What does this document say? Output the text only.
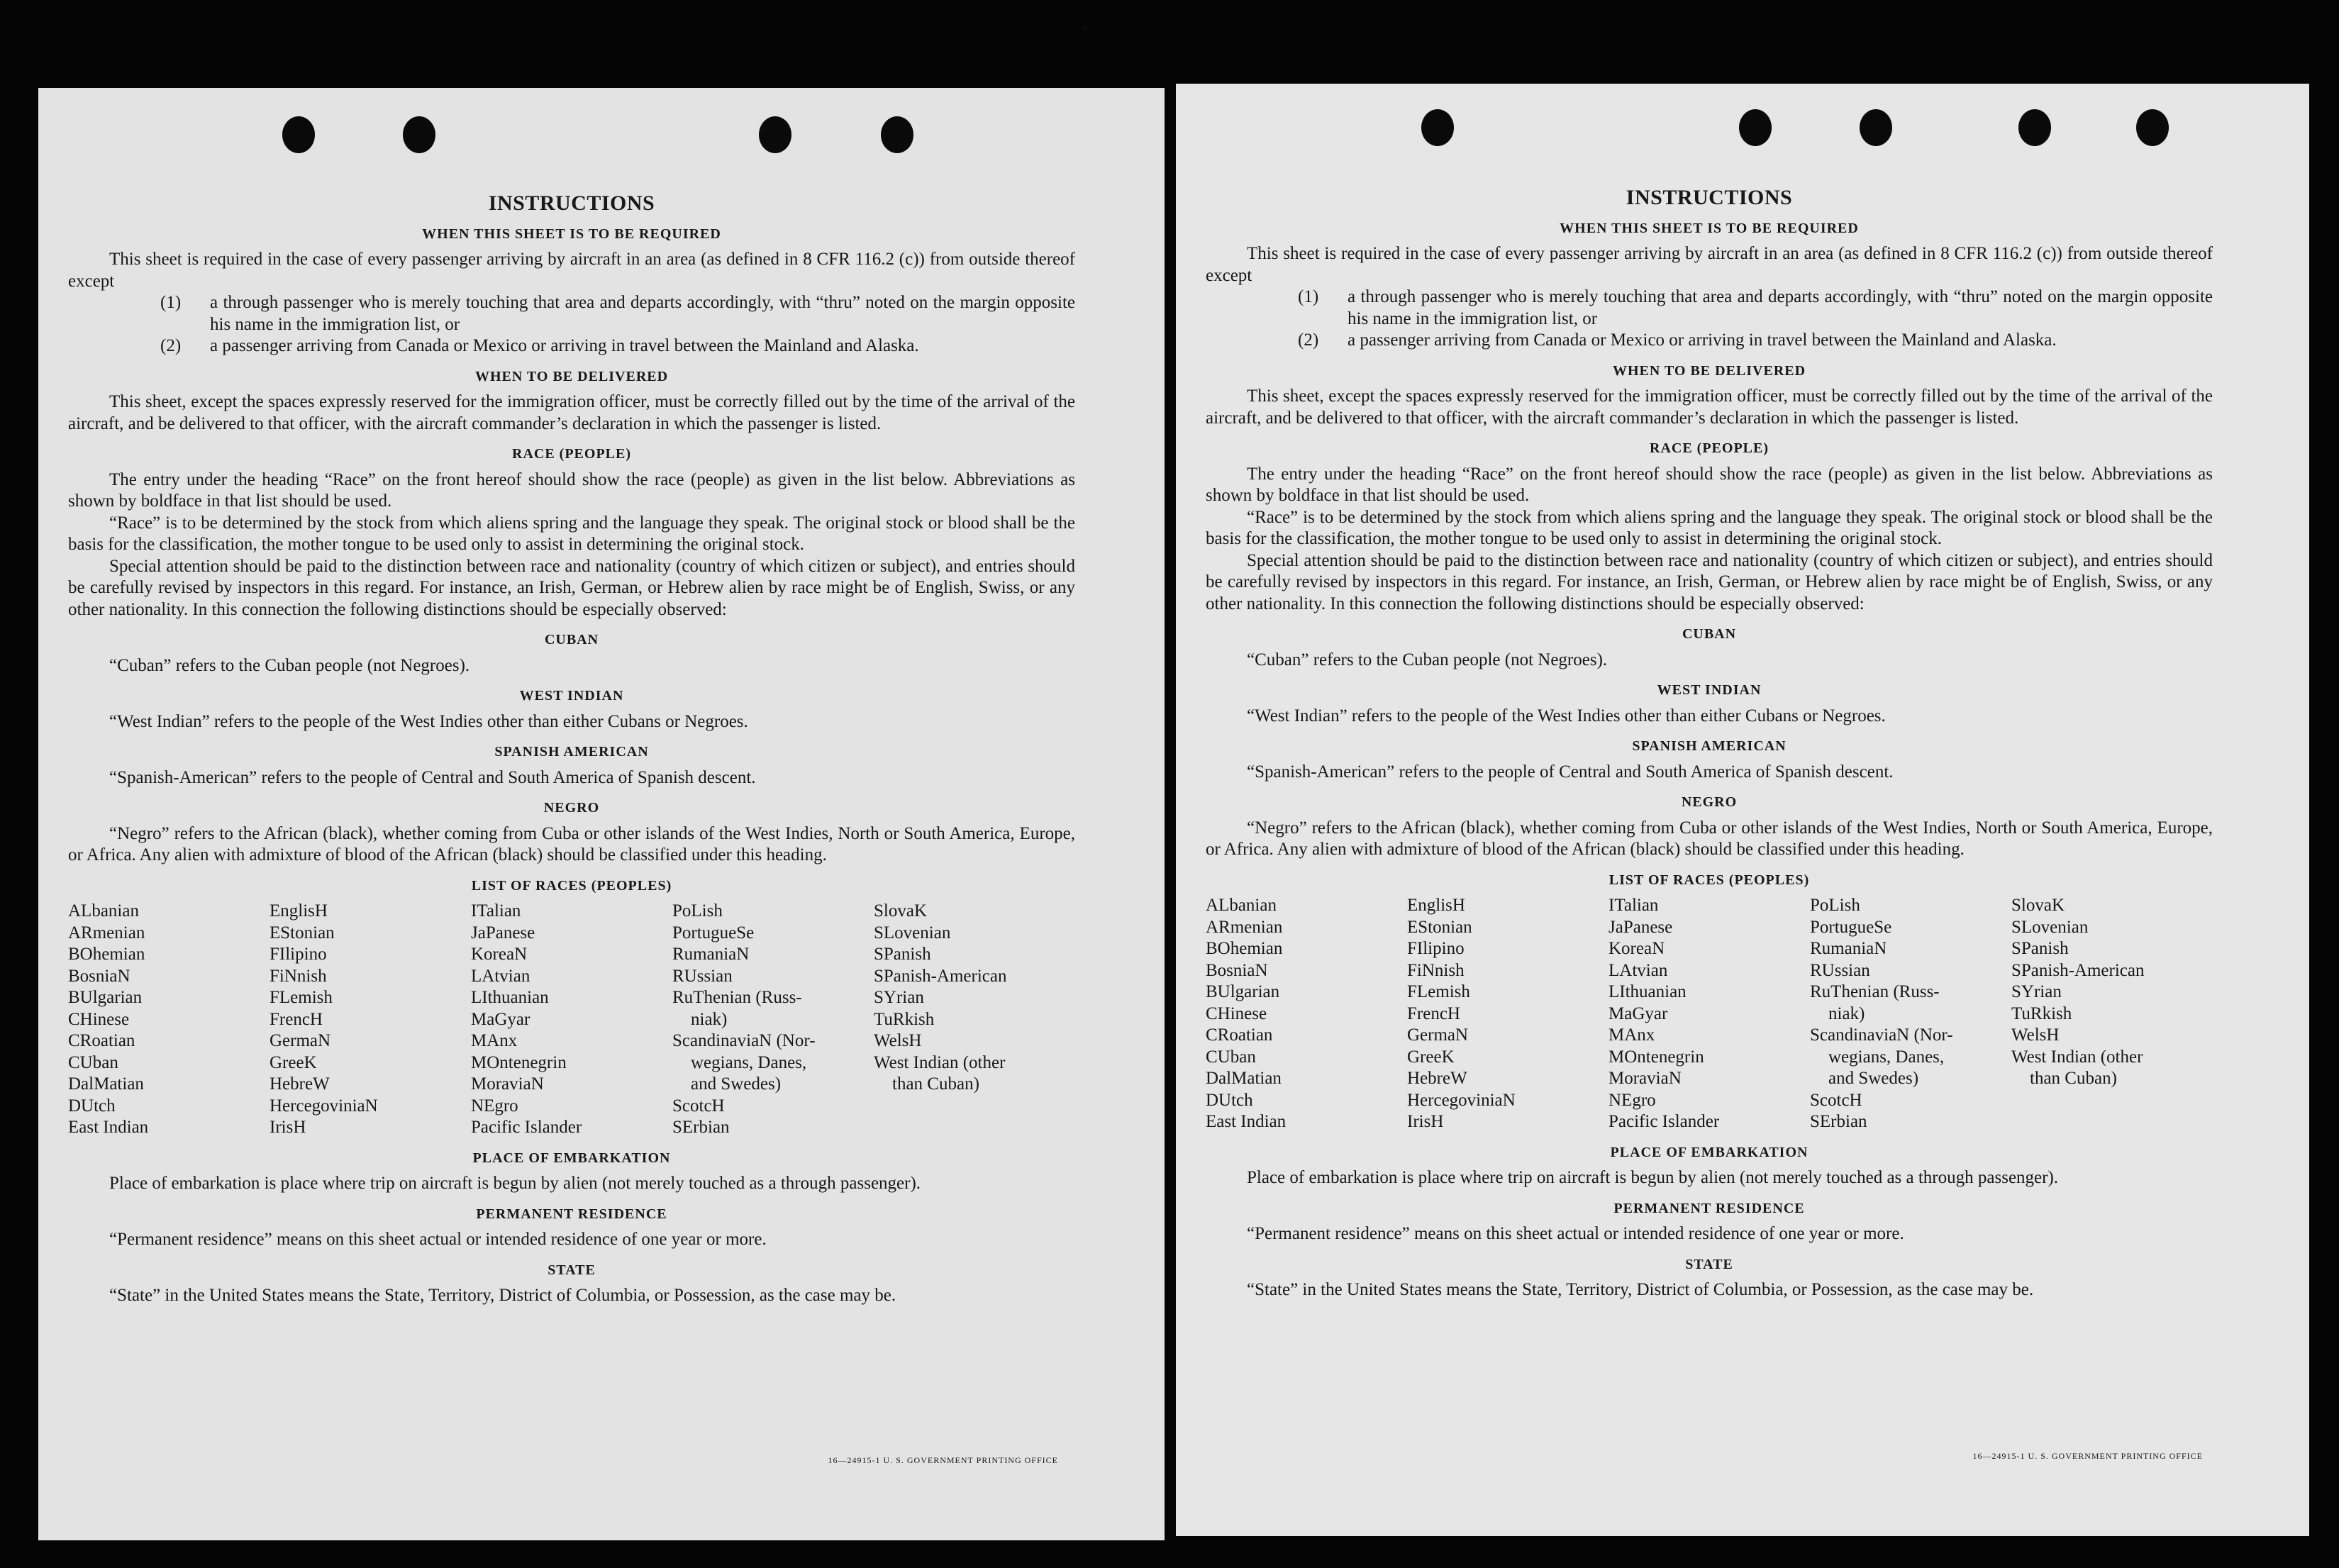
INSTRUCTIONS
WHEN THIS SHEET IS TO BE REQUIRED

This sheet is required in the case of every passenger arriving by aircraft in an area (as defined in 8 CFR 116.2 (c)) from outside thereof except

(1) a through passenger who is merely touching that area and departs accordingly, with “thru” noted on the margin opposite his name in the immigration list, or

(2) a passenger arriving from Canada or Mexico or arriving in travel between the Mainland and Alaska.

WHEN TO BE DELIVERED

This sheet, except the spaces expressly reserved for the immigration officer, must be correctly filled out by the time of the arrival of the aircraft, and be delivered to that officer, with the aircraft commander’s declaration in which the passenger is listed.

RACE (PEOPLE)

The entry under the heading “Race” on the front hereof should show the race (people) as given in the list below. Abbreviations as shown by boldface in that list should be used.

“Race” is to be determined by the stock from which aliens spring and the language they speak. The original stock or blood shall be the basis for the classification, the mother tongue to be used only to assist in determining the original stock.

Special attention should be paid to the distinction between race and nationality (country of which citizen or subject), and entries should be carefully revised by inspectors in this regard. For instance, an Irish, German, or Hebrew alien by race might be of English, Swiss, or any other nationality. In this connection the following distinctions should be especially observed:

CUBAN

“Cuban” refers to the Cuban people (not Negroes).

WEST INDIAN

“West Indian” refers to the people of the West Indies other than either Cubans or Negroes.

SPANISH AMERICAN

“Spanish-American” refers to the people of Central and South America of Spanish descent.

NEGRO

“Negro” refers to the African (black), whether coming from Cuba or other islands of the West Indies, North or South America, Europe, or Africa. Any alien with admixture of blood of the African (black) should be classified under this heading.

LIST OF RACES (PEOPLES)
ALbanian
ARmenian
BOhemian
BosniaN
BUlgarian
CHinese
CRoatian
CUban
DalMatian
DUtch
East Indian
EnglisH
EStonian
FIlipino
FiNnish
FLemish
FrencH
GermaN
GreeK
HebreW
HercegoviniaN
IrisH
ITalian
JaPanese
KoreaN
LAtvian
LIthuanian
MaGyar
MAnx
MOntenegrin
MoraviaN
NEgro
Pacific Islander
PoLish
PortugueSe
RumaniaN
RUssian
RuThenian (Russ-
niak)
ScandinaviaN (Nor-
wegians, Danes,
and Swedes)
ScotcH
SErbian
SlovaK
SLovenian
SPanish
SPanish-American
SYrian
TuRkish
WelsH
West Indian (other
than Cuban)
PLACE OF EMBARKATION

Place of embarkation is place where trip on aircraft is begun by alien (not merely touched as a through passenger).

PERMANENT RESIDENCE

“Permanent residence” means on this sheet actual or intended residence of one year or more.

STATE

“State” in the United States means the State, Territory, District of Columbia, or Possession, as the case may be.

16—24915-1 U. S. GOVERNMENT PRINTING OFFICE
INSTRUCTIONS
WHEN THIS SHEET IS TO BE REQUIRED

This sheet is required in the case of every passenger arriving by aircraft in an area (as defined in 8 CFR 116.2 (c)) from outside thereof except

(1) a through passenger who is merely touching that area and departs accordingly, with “thru” noted on the margin opposite his name in the immigration list, or

(2) a passenger arriving from Canada or Mexico or arriving in travel between the Mainland and Alaska.

WHEN TO BE DELIVERED

This sheet, except the spaces expressly reserved for the immigration officer, must be correctly filled out by the time of the arrival of the aircraft, and be delivered to that officer, with the aircraft commander’s declaration in which the passenger is listed.

RACE (PEOPLE)

The entry under the heading “Race” on the front hereof should show the race (people) as given in the list below. Abbreviations as shown by boldface in that list should be used.

“Race” is to be determined by the stock from which aliens spring and the language they speak. The original stock or blood shall be the basis for the classification, the mother tongue to be used only to assist in determining the original stock.

Special attention should be paid to the distinction between race and nationality (country of which citizen or subject), and entries should be carefully revised by inspectors in this regard. For instance, an Irish, German, or Hebrew alien by race might be of English, Swiss, or any other nationality. In this connection the following distinctions should be especially observed:

CUBAN

“Cuban” refers to the Cuban people (not Negroes).

WEST INDIAN

“West Indian” refers to the people of the West Indies other than either Cubans or Negroes.

SPANISH AMERICAN

“Spanish-American” refers to the people of Central and South America of Spanish descent.

NEGRO

“Negro” refers to the African (black), whether coming from Cuba or other islands of the West Indies, North or South America, Europe, or Africa. Any alien with admixture of blood of the African (black) should be classified under this heading.

LIST OF RACES (PEOPLES)
ALbanian
ARmenian
BOhemian
BosniaN
BUlgarian
CHinese
CRoatian
CUban
DalMatian
DUtch
East Indian
EnglisH
EStonian
FIlipino
FiNnish
FLemish
FrencH
GermaN
GreeK
HebreW
HercegoviniaN
IrisH
ITalian
JaPanese
KoreaN
LAtvian
LIthuanian
MaGyar
MAnx
MOntenegrin
MoraviaN
NEgro
Pacific Islander
PoLish
PortugueSe
RumaniaN
RUssian
RuThenian (Russ-
niak)
ScandinaviaN (Nor-
wegians, Danes,
and Swedes)
ScotcH
SErbian
SlovaK
SLovenian
SPanish
SPanish-American
SYrian
TuRkish
WelsH
West Indian (other
than Cuban)
PLACE OF EMBARKATION

Place of embarkation is place where trip on aircraft is begun by alien (not merely touched as a through passenger).

PERMANENT RESIDENCE

“Permanent residence” means on this sheet actual or intended residence of one year or more.

STATE

“State” in the United States means the State, Territory, District of Columbia, or Possession, as the case may be.

16—24915-1 U. S. GOVERNMENT PRINTING OFFICE
